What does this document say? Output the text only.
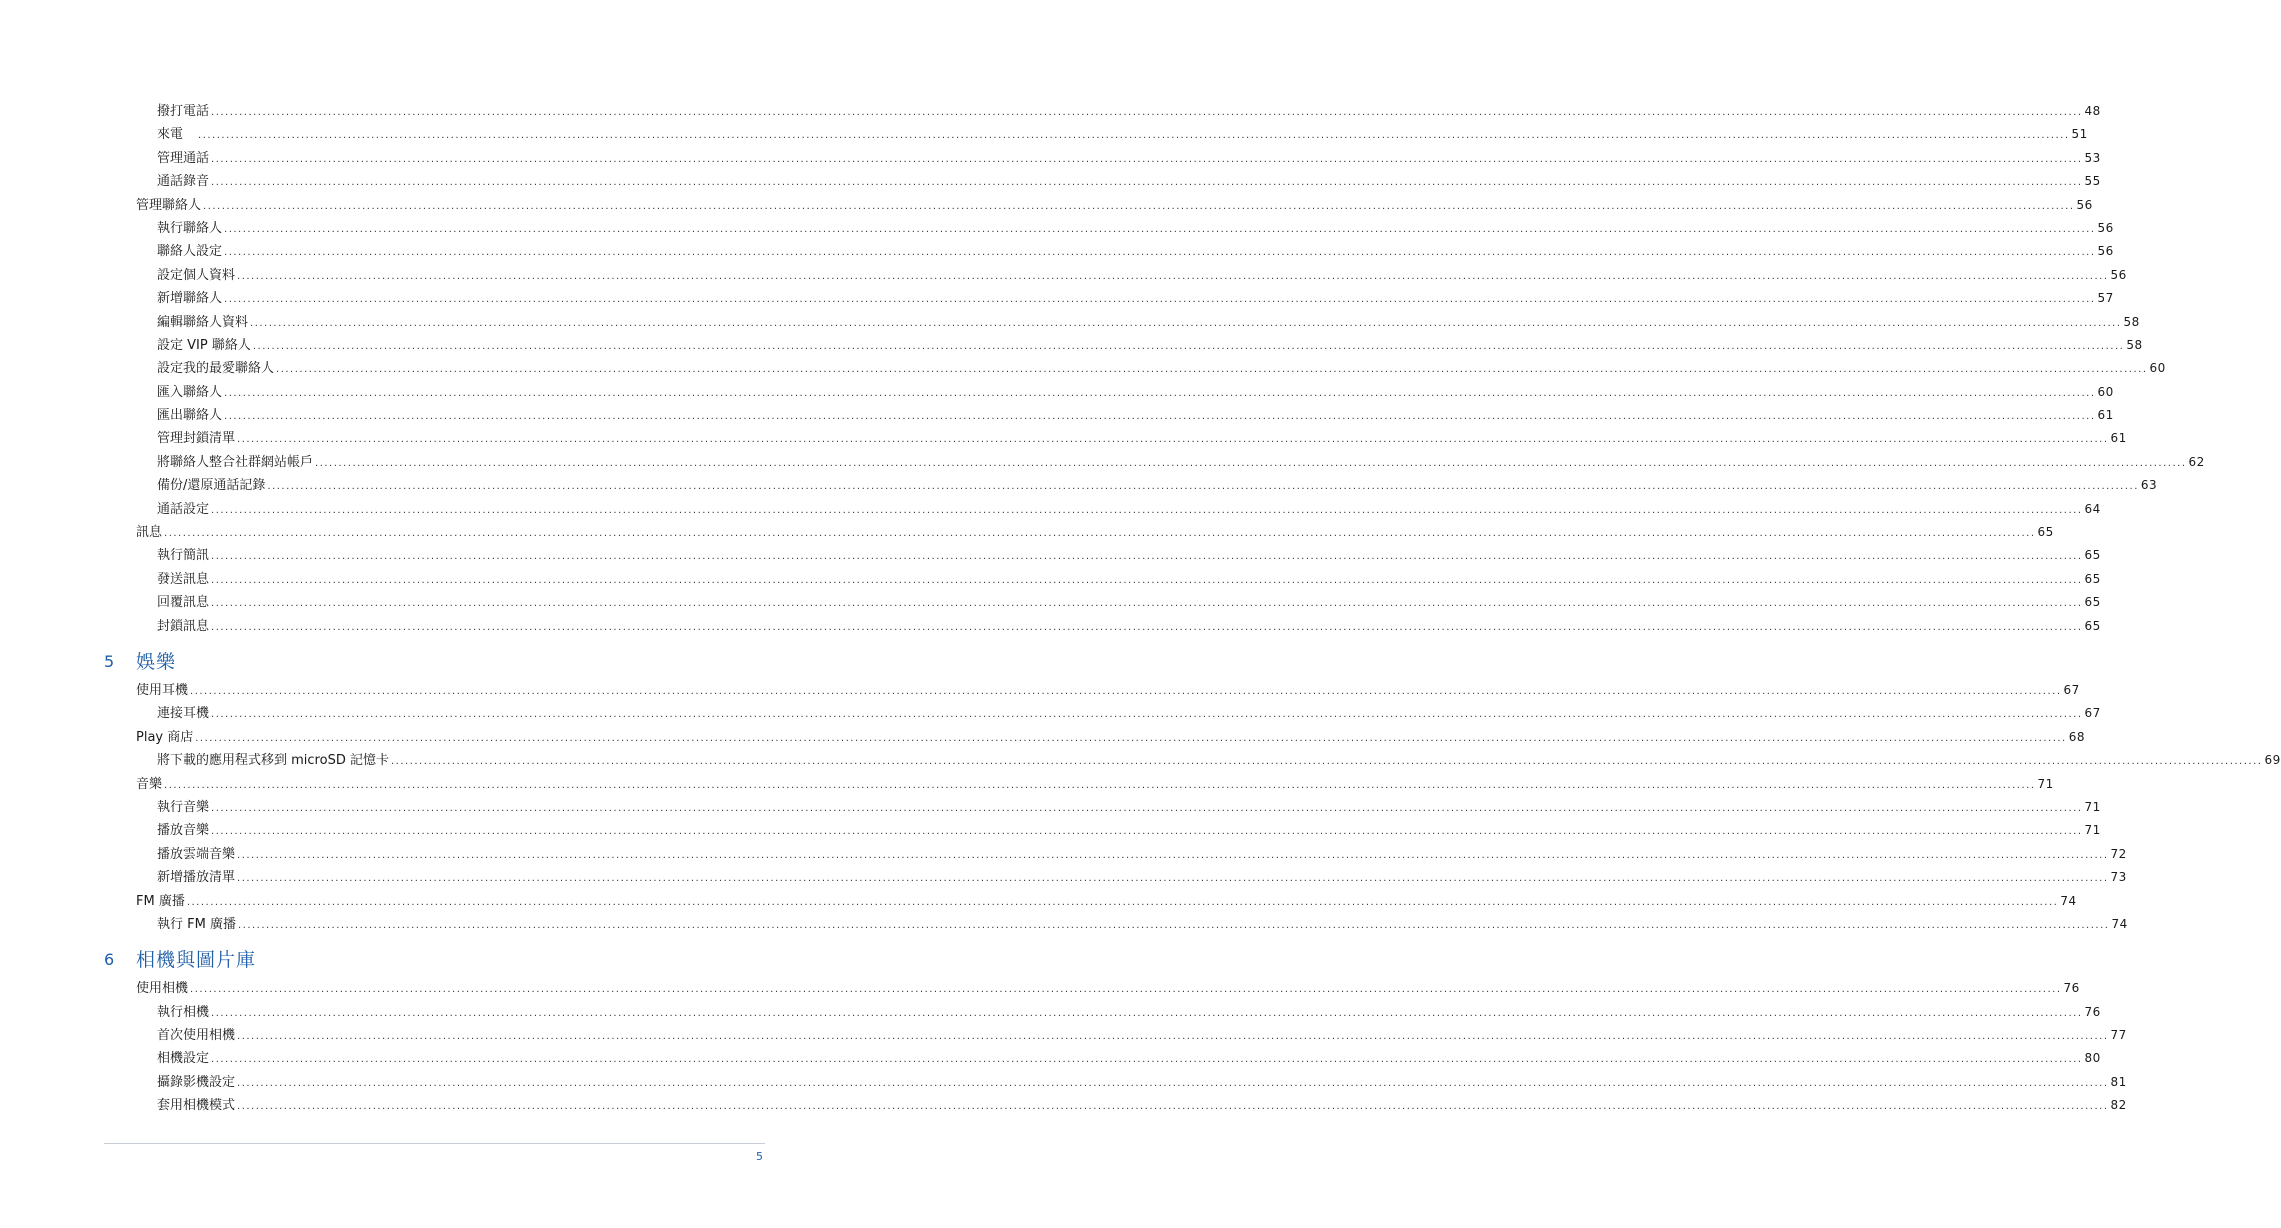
撥打電話 ................................................................................................................................................................................................................................................................................................................................................................................................................ 48
來電　 ................................................................................................................................................................................................................................................................................................................................................................................................................ 51
管理通話 ................................................................................................................................................................................................................................................................................................................................................................................................................ 53
通話錄音 ................................................................................................................................................................................................................................................................................................................................................................................................................ 55
管理聯絡人 ................................................................................................................................................................................................................................................................................................................................................................................................................ 56
執行聯絡人 ................................................................................................................................................................................................................................................................................................................................................................................................................ 56
聯絡人設定 ................................................................................................................................................................................................................................................................................................................................................................................................................ 56
設定個人資料 ................................................................................................................................................................................................................................................................................................................................................................................................................ 56
新增聯絡人 ................................................................................................................................................................................................................................................................................................................................................................................................................ 57
編輯聯絡人資料 ................................................................................................................................................................................................................................................................................................................................................................................................................ 58
設定 VIP 聯絡人 ................................................................................................................................................................................................................................................................................................................................................................................................................ 58
設定我的最愛聯絡人 ................................................................................................................................................................................................................................................................................................................................................................................................................ 60
匯入聯絡人 ................................................................................................................................................................................................................................................................................................................................................................................................................ 60
匯出聯絡人 ................................................................................................................................................................................................................................................................................................................................................................................................................ 61
管理封鎖清單 ................................................................................................................................................................................................................................................................................................................................................................................................................ 61
將聯絡人整合社群網站帳戶 ................................................................................................................................................................................................................................................................................................................................................................................................................ 62
備份/還原通話記錄 ................................................................................................................................................................................................................................................................................................................................................................................................................ 63
通話設定 ................................................................................................................................................................................................................................................................................................................................................................................................................ 64
訊息 ................................................................................................................................................................................................................................................................................................................................................................................................................ 65
執行簡訊 ................................................................................................................................................................................................................................................................................................................................................................................................................ 65
發送訊息 ................................................................................................................................................................................................................................................................................................................................................................................................................ 65
回覆訊息 ................................................................................................................................................................................................................................................................................................................................................................................................................ 65
封鎖訊息 ................................................................................................................................................................................................................................................................................................................................................................................................................ 65
5 娛樂
使用耳機 ................................................................................................................................................................................................................................................................................................................................................................................................................ 67
連接耳機 ................................................................................................................................................................................................................................................................................................................................................................................................................ 67
Play 商店 ................................................................................................................................................................................................................................................................................................................................................................................................................ 68
將下載的應用程式移到 microSD 記憶卡 ................................................................................................................................................................................................................................................................................................................................................................................................................ 69
音樂 ................................................................................................................................................................................................................................................................................................................................................................................................................ 71
執行音樂 ................................................................................................................................................................................................................................................................................................................................................................................................................ 71
播放音樂 ................................................................................................................................................................................................................................................................................................................................................................................................................ 71
播放雲端音樂 ................................................................................................................................................................................................................................................................................................................................................................................................................ 72
新增播放清單 ................................................................................................................................................................................................................................................................................................................................................................................................................ 73
FM 廣播 ................................................................................................................................................................................................................................................................................................................................................................................................................ 74
執行 FM 廣播 ................................................................................................................................................................................................................................................................................................................................................................................................................ 74
6 相機與圖片庫
使用相機 ................................................................................................................................................................................................................................................................................................................................................................................................................ 76
執行相機 ................................................................................................................................................................................................................................................................................................................................................................................................................ 76
首次使用相機 ................................................................................................................................................................................................................................................................................................................................................................................................................ 77
相機設定 ................................................................................................................................................................................................................................................................................................................................................................................................................ 80
攝錄影機設定 ................................................................................................................................................................................................................................................................................................................................................................................................................ 81
套用相機模式 ................................................................................................................................................................................................................................................................................................................................................................................................................ 82
5
